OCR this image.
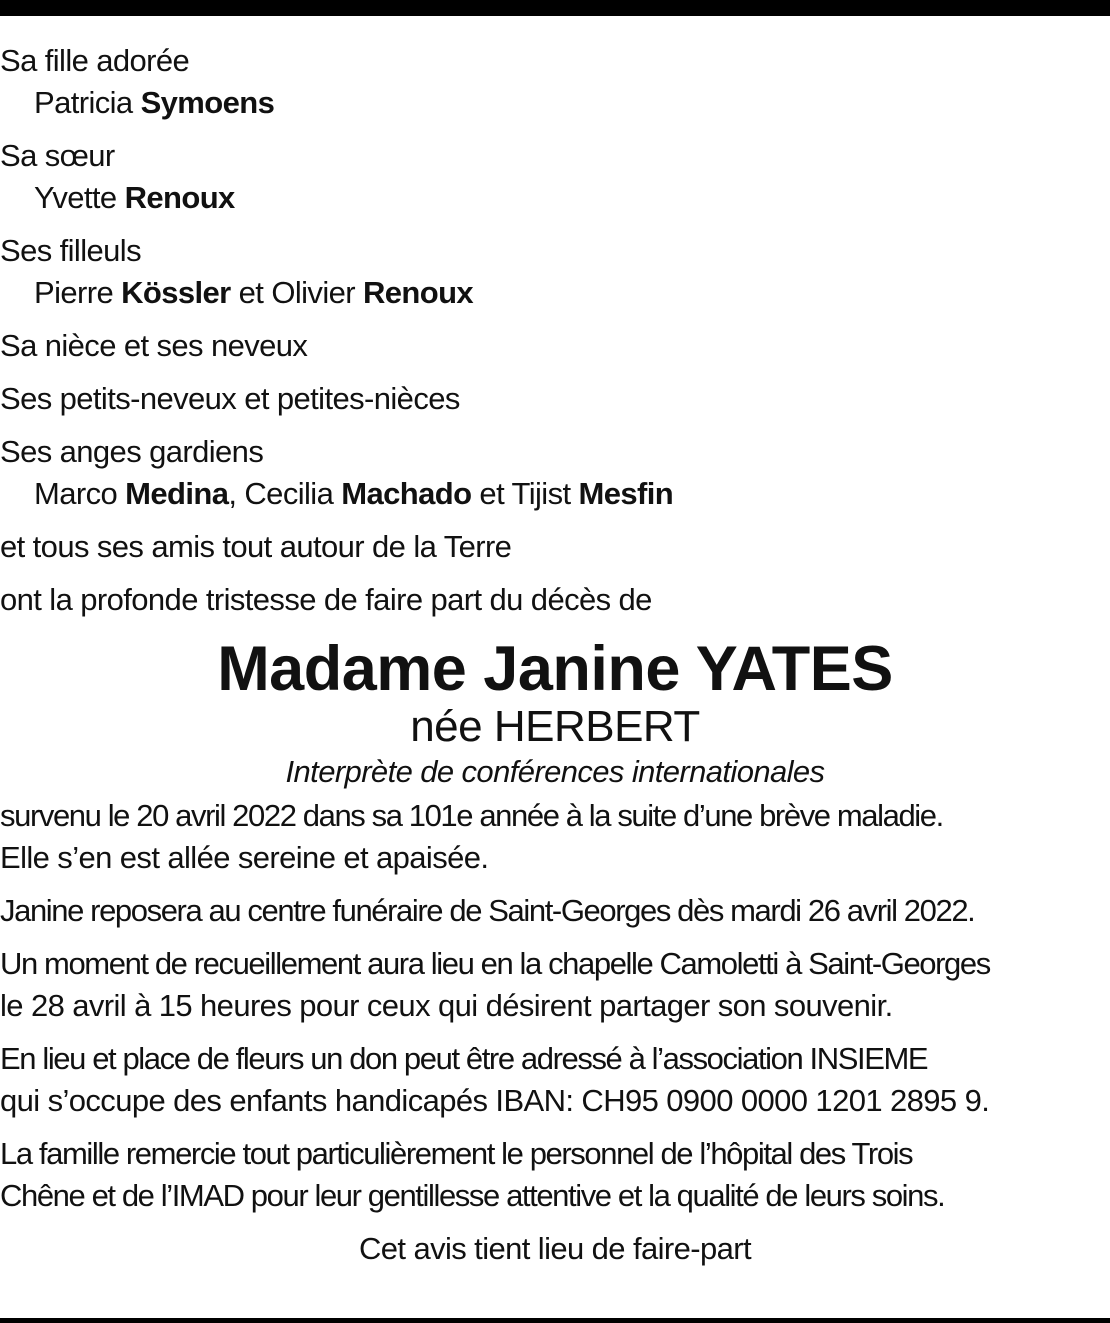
Sa fille adorée
Patricia Symoens
Sa sœur
Yvette Renoux
Ses filleuls
Pierre Kössler et Olivier Renoux
Sa nièce et ses neveux
Ses petits-neveux et petites-nièces
Ses anges gardiens
Marco Medina, Cecilia Machado et Tijist Mesfin
et tous ses amis tout autour de la Terre
ont la profonde tristesse de faire part du décès de
Madame Janine YATES
née HERBERT
Interprète de conférences internationales
survenu le 20 avril 2022 dans sa 101e année à la suite d’une brève maladie.
Elle s’en est allée sereine et apaisée.
Janine reposera au centre funéraire de Saint-Georges dès mardi 26 avril 2022.
Un moment de recueillement aura lieu en la chapelle Camoletti à Saint-Georges
le 28 avril à 15 heures pour ceux qui désirent partager son souvenir.
En lieu et place de fleurs un don peut être adressé à l’association INSIEME
qui s’occupe des enfants handicapés IBAN: CH95 0900 0000 1201 2895 9.
La famille remercie tout particulièrement le personnel de l’hôpital des Trois
Chêne et de l’IMAD pour leur gentillesse attentive et la qualité de leurs soins.
Cet avis tient lieu de faire-part
